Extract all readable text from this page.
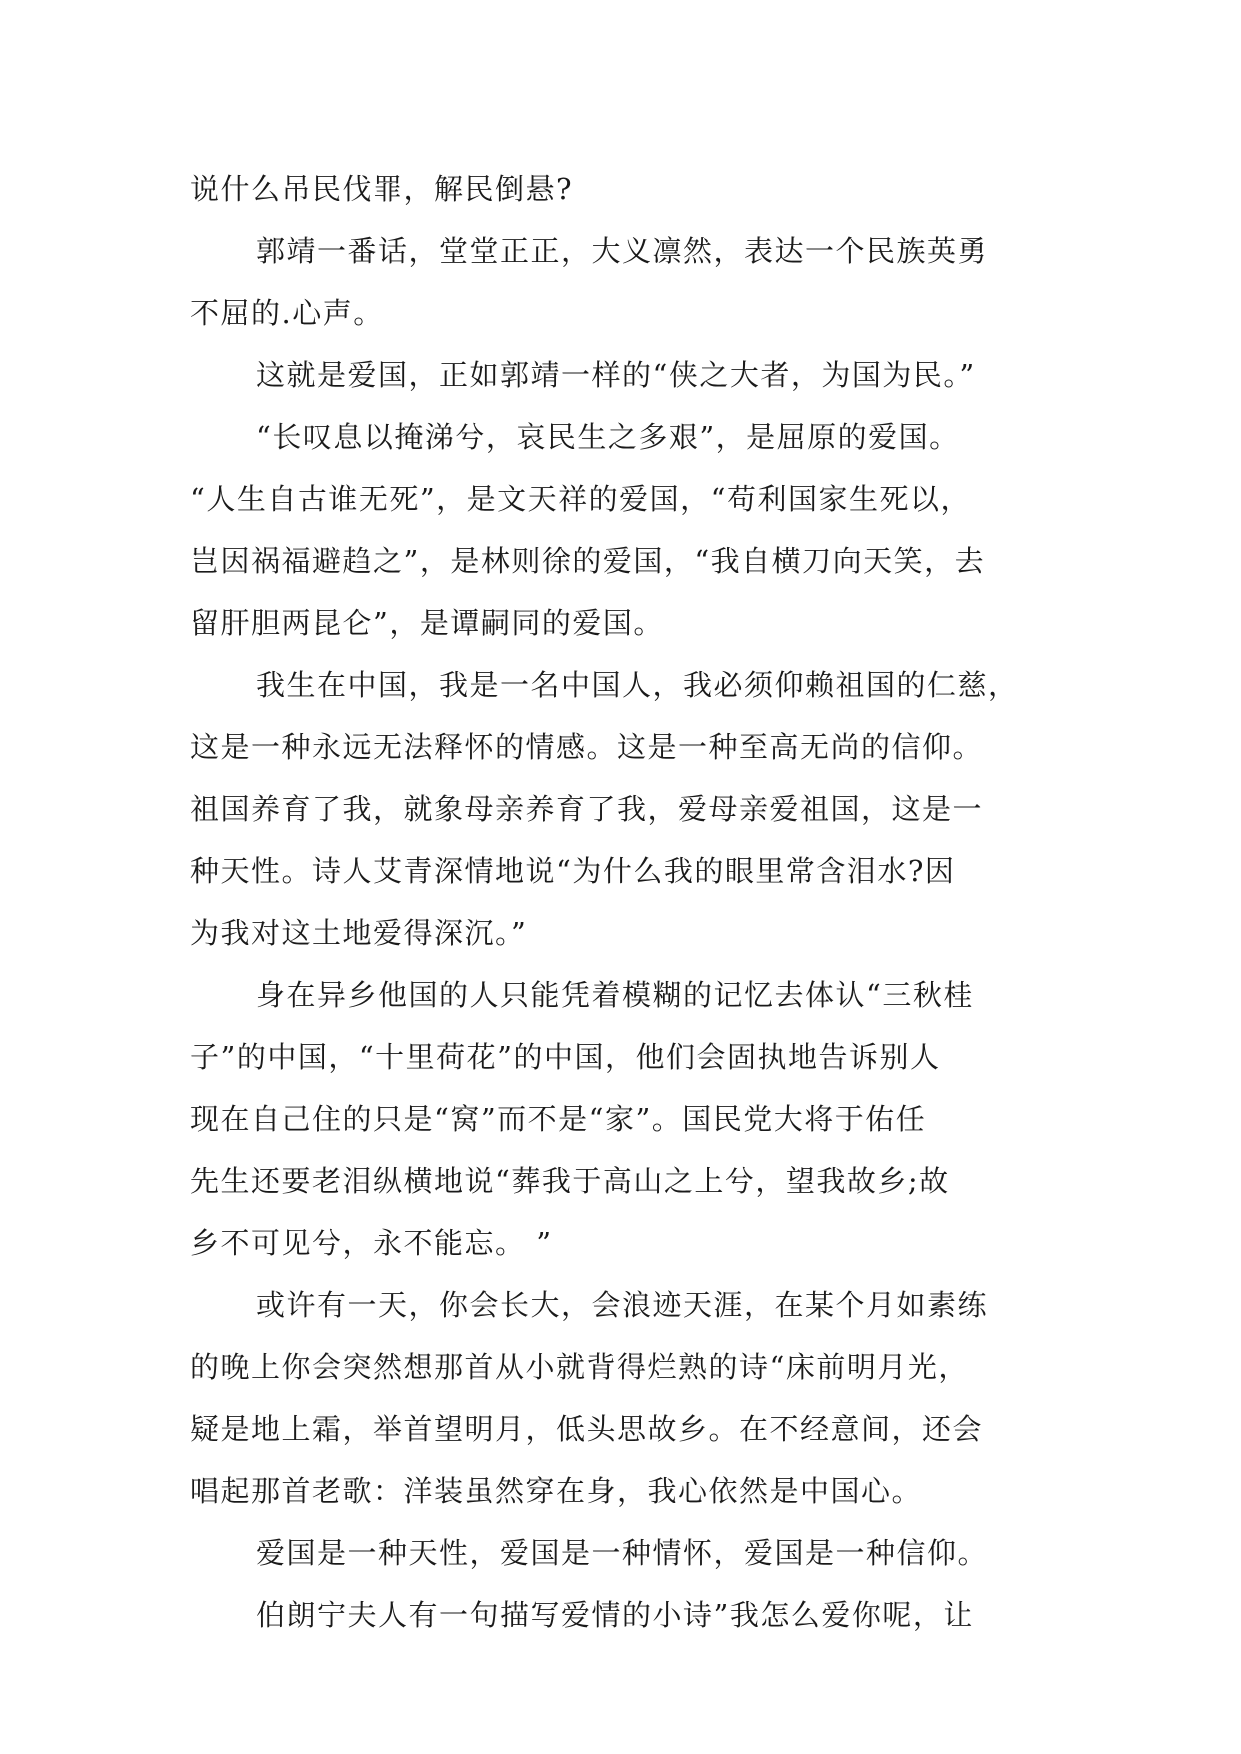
说什么吊民伐罪，解民倒悬?
郭靖一番话，堂堂正正，大义凛然，表达一个民族英勇
不屈的.心声。
这就是爱国，正如郭靖一样的“侠之大者，为国为民。”
“长叹息以掩涕兮，哀民生之多艰”，是屈原的爱国。
“人生自古谁无死”，是文天祥的爱国，“苟利国家生死以，
岂因祸福避趋之”，是林则徐的爱国，“我自横刀向天笑，去
留肝胆两昆仑”，是谭嗣同的爱国。
我生在中国，我是一名中国人，我必须仰赖祖国的仁慈，
这是一种永远无法释怀的情感。这是一种至高无尚的信仰。
祖国养育了我，就象母亲养育了我，爱母亲爱祖国，这是一
种天性。诗人艾青深情地说“为什么我的眼里常含泪水?因
为我对这土地爱得深沉。”
身在异乡他国的人只能凭着模糊的记忆去体认“三秋桂
子”的中国，“十里荷花”的中国，他们会固执地告诉别人
现在自己住的只是“窝”而不是“家”。国民党大将于佑任
先生还要老泪纵横地说“葬我于高山之上兮，望我故乡;故
乡不可见兮，永不能忘。 ”
或许有一天，你会长大，会浪迹天涯，在某个月如素练
的晚上你会突然想那首从小就背得烂熟的诗“床前明月光，
疑是地上霜，举首望明月，低头思故乡。在不经意间，还会
唱起那首老歌：洋装虽然穿在身，我心依然是中国心。
爱国是一种天性，爱国是一种情怀，爱国是一种信仰。
伯朗宁夫人有一句描写爱情的小诗”我怎么爱你呢，让
